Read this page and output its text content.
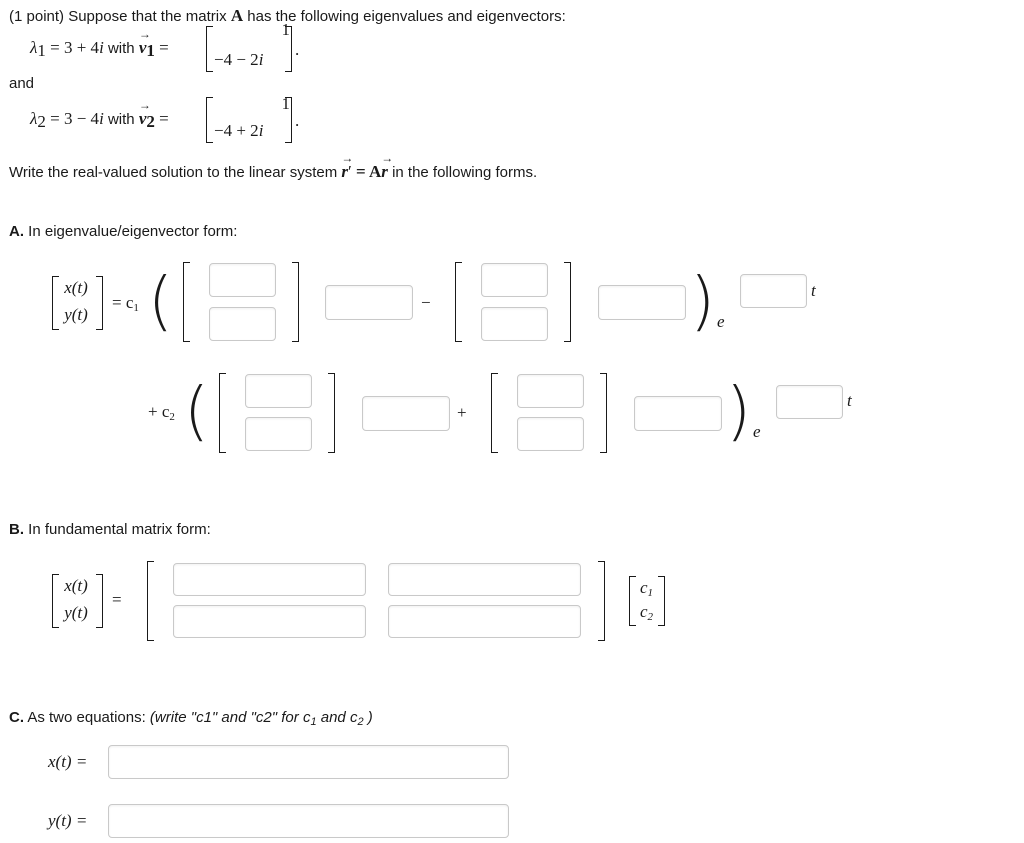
(1 point) Suppose that the matrix A has the following eigenvalues and eigenvectors:
$\lambda_1 = 3 + 4i$ with → $v_1$ =
1
−4 − 2i
.
and
$\lambda_2 = 3 - 4i$ with → $v_2$ =
1
−4 + 2i
.
Write the real-valued solution to the linear system → r′ = A→ r in the following forms.
A. In eigenvalue/eigenvector form:
x(t)
y(t)
= $c_1$ (	−	) e
t
+ $c_2$ (	+	) e
t
B. In fundamental matrix form:
x(t)
y(t)
=
$c_1$
$c_2$
C. As two equations: (write "c1" and "c2" for $c_1$ and $c_2$ )
x(t) =
y(t) =
